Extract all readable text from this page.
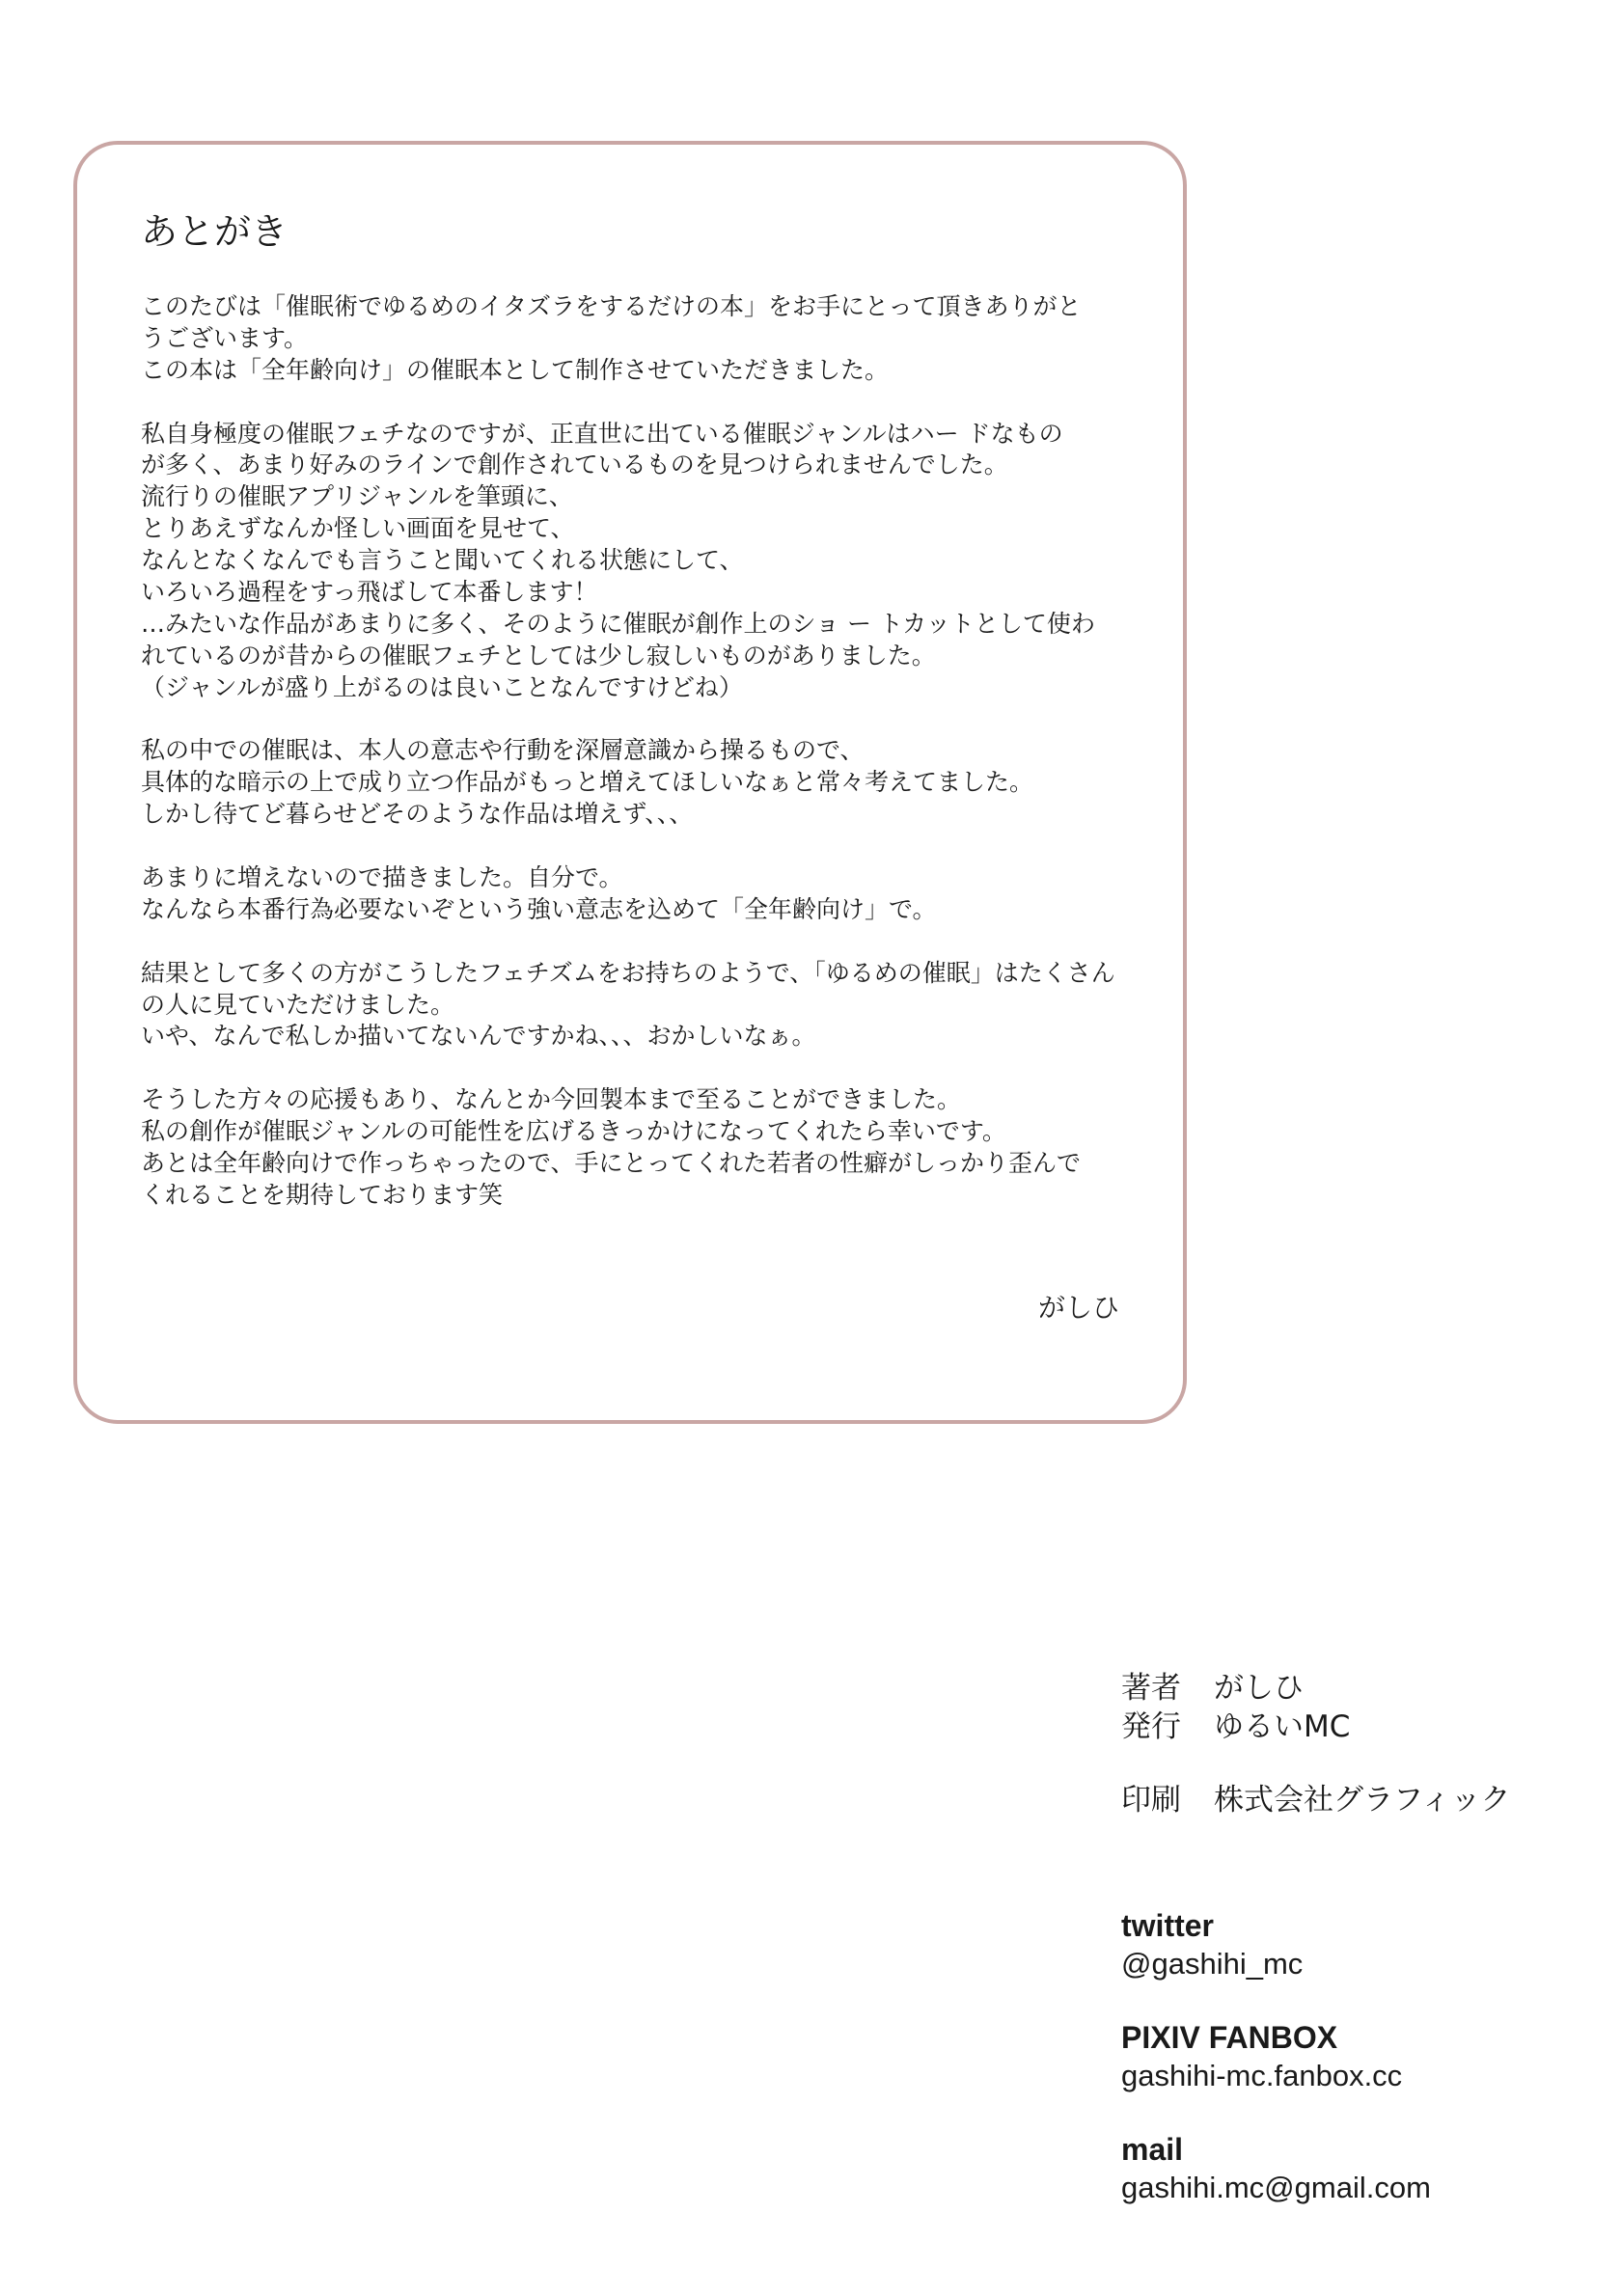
あとがき
このたびは「催眠術でゆるめのイタズラをするだけの本」をお手にとって頂きありがと
うございます。
この本は「全年齢向け」の催眠本として制作させていただきました。
私自身極度の催眠フェチなのですが、正直世に出ている催眠ジャンルはハー ドなもの
が多く、あまり好みのラインで創作されているものを見つけられませんでした。
流行りの催眠アプリジャンルを筆頭に、
とりあえずなんか怪しい画面を見せて、
なんとなくなんでも言うこと聞いてくれる状態にして、
いろいろ過程をすっ飛ばして本番します！
…みたいな作品があまりに多く、そのように催眠が創作上のショ ー トカットとして使わ
れているのが昔からの催眠フェチとしては少し寂しいものがありました。
（ジャンルが盛り上がるのは良いことなんですけどね）
私の中での催眠は、本人の意志や行動を深層意識から操るもので、
具体的な暗示の上で成り立つ作品がもっと増えてほしいなぁと常々考えてました。
しかし待てど暮らせどそのような作品は増えず、、、
あまりに増えないので描きました。自分で。
なんなら本番行為必要ないぞという強い意志を込めて「全年齢向け」で。
結果として多くの方がこうしたフェチズムをお持ちのようで、「ゆるめの催眠」はたくさん
の人に見ていただけました。
いや、なんで私しか描いてないんですかね、、、おかしいなぁ。
そうした方々の応援もあり、なんとか今回製本まで至ることができました。
私の創作が催眠ジャンルの可能性を広げるきっかけになってくれたら幸いです。
あとは全年齢向けで作っちゃったので、手にとってくれた若者の性癖がしっかり歪んで
くれることを期待しております笑
がしひ
著者	がしひ
発行	ゆるいMC
印刷	株式会社グラフィック
twitter
@gashihi_mc
PIXIV FANBOX
gashihi-mc.fanbox.cc
mail
gashihi.mc@gmail.com
